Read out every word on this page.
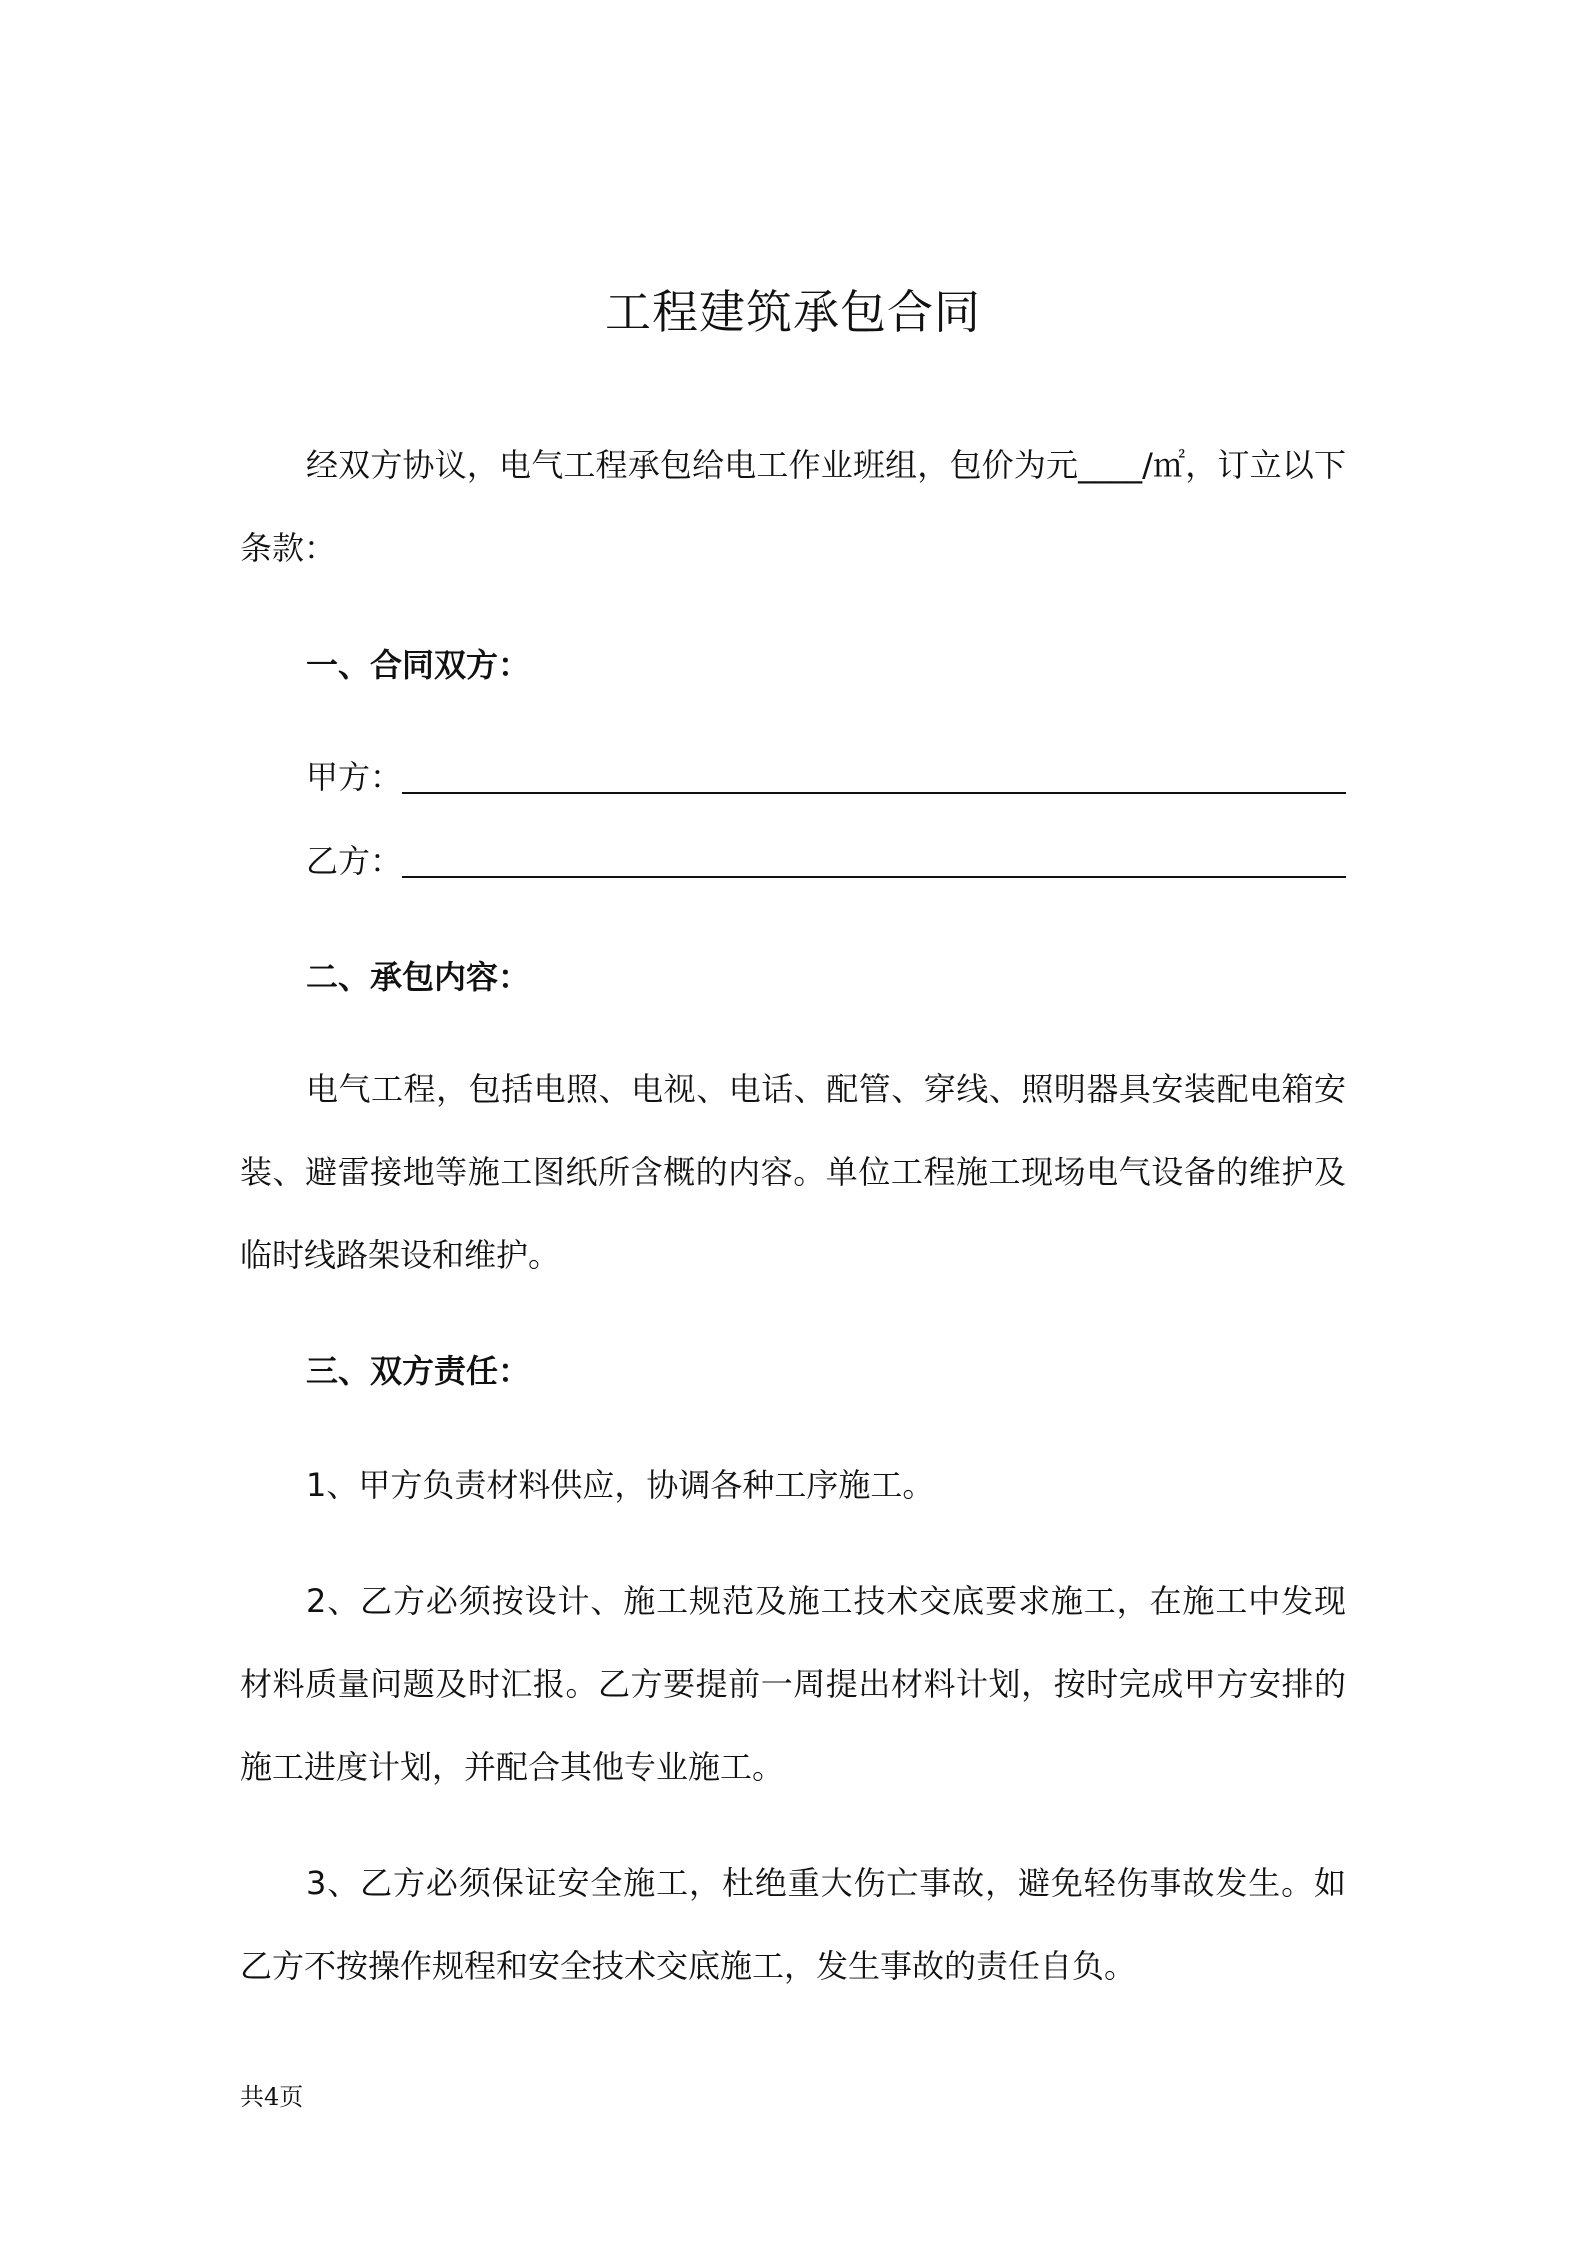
工程建筑承包合同

经双方协议，电气工程承包给电工作业班组，包价为元____/㎡，订立以下条款：

一、合同双方：
甲方：
乙方：
二、承包内容：

电气工程，包括电照、电视、电话、配管、穿线、照明器具安装配电箱安装、避雷接地等施工图纸所含概的内容。单位工程施工现场电气设备的维护及临时线路架设和维护。

三、双方责任：

1、甲方负责材料供应，协调各种工序施工。

2、乙方必须按设计、施工规范及施工技术交底要求施工，在施工中发现材料质量问题及时汇报。乙方要提前一周提出材料计划，按时完成甲方安排的施工进度计划，并配合其他专业施工。

3、乙方必须保证安全施工，杜绝重大伤亡事故，避免轻伤事故发生。如乙方不按操作规程和安全技术交底施工，发生事故的责任自负。

共4页
